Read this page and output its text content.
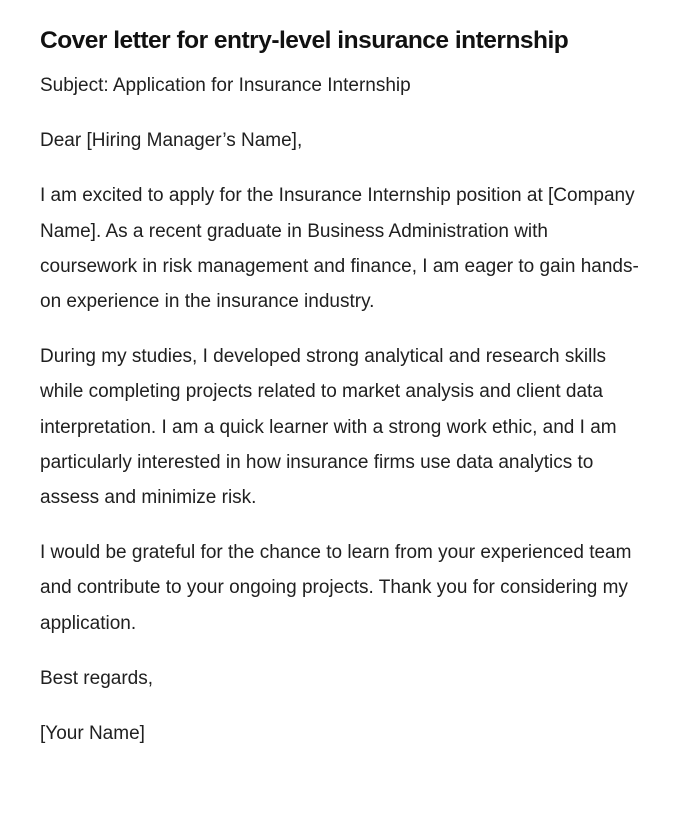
Cover letter for entry-level insurance internship

Subject: Application for Insurance Internship

Dear [Hiring Manager’s Name],

I am excited to apply for the Insurance Internship position at [Company Name]. As a recent graduate in Business Administration with coursework in risk management and finance, I am eager to gain hands-on experience in the insurance industry.

During my studies, I developed strong analytical and research skills while completing projects related to market analysis and client data interpretation. I am a quick learner with a strong work ethic, and I am particularly interested in how insurance firms use data analytics to assess and minimize risk.

I would be grateful for the chance to learn from your experienced team and contribute to your ongoing projects. Thank you for considering my application.

Best regards,

[Your Name]
